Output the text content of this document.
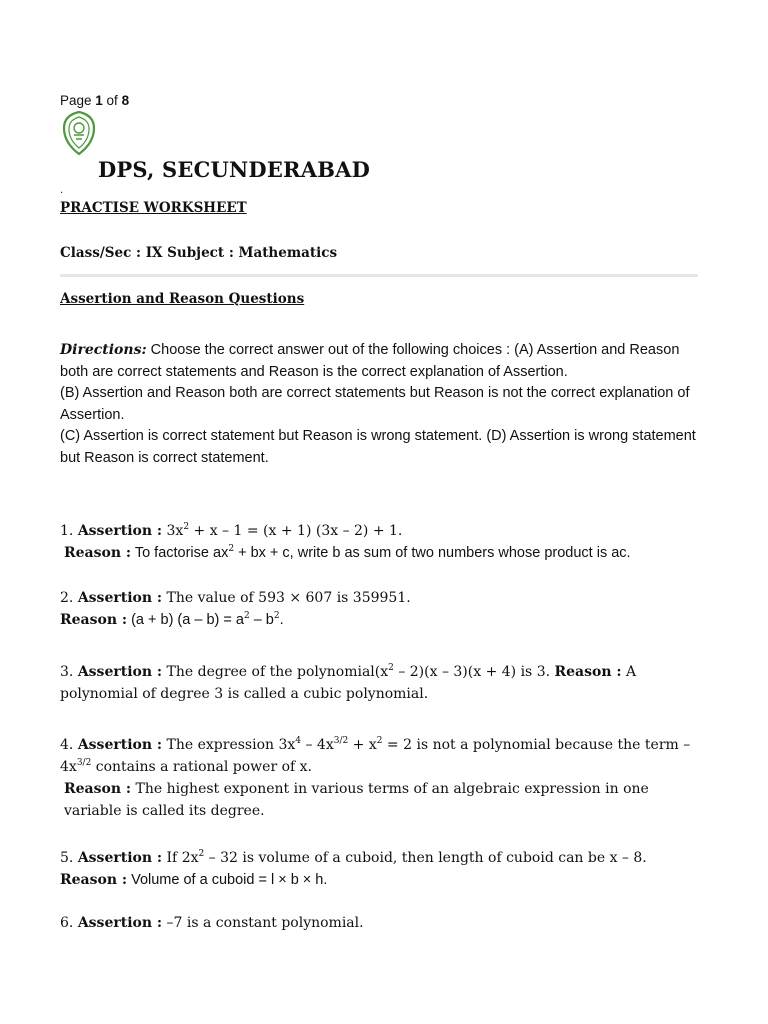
Page 1 of 8
DPS, SECUNDERABAD
.
PRACTISE WORKSHEET
Class/Sec : IX Subject : Mathematics
Assertion and Reason Questions
Directions: Choose the correct answer out of the following choices : (A) Assertion and Reason both are correct statements and Reason is the correct explanation of Assertion.
(B) Assertion and Reason both are correct statements but Reason is not the correct explanation of Assertion.
(C) Assertion is correct statement but Reason is wrong statement. (D) Assertion is wrong statement but Reason is correct statement.
1. Assertion : $3x^2 + x - 1 = (x + 1)$ (3x – 2) + 1.
Reason : To factorise $ax^2$ + bx + c, write b as sum of two numbers whose product is ac.
2. Assertion : The value of 593 × 607 is 359951.
Reason : (a + b) $(a - b) = a^2 - b^2$.
3. Assertion : The degree of the $polynomial(x^2 - 2)(x - 3)(x + 4)$ is 3. Reason : A polynomial of degree 3 is called a cubic polynomial.
4. Assertion : The expression $3x^4 - 4x^{3/2} + x^2 = 2$ is not a polynomial because the term – $4x^{3/2}$ contains a rational power of x.
Reason : The highest exponent in various terms of an algebraic expression in one variable is called its degree.
5. Assertion : If $2x^2 - 32$ is volume of a cuboid, then length of cuboid can be x – 8.
Reason : Volume of a cuboid = l × b × h.
6. Assertion : –7 is a constant polynomial.
